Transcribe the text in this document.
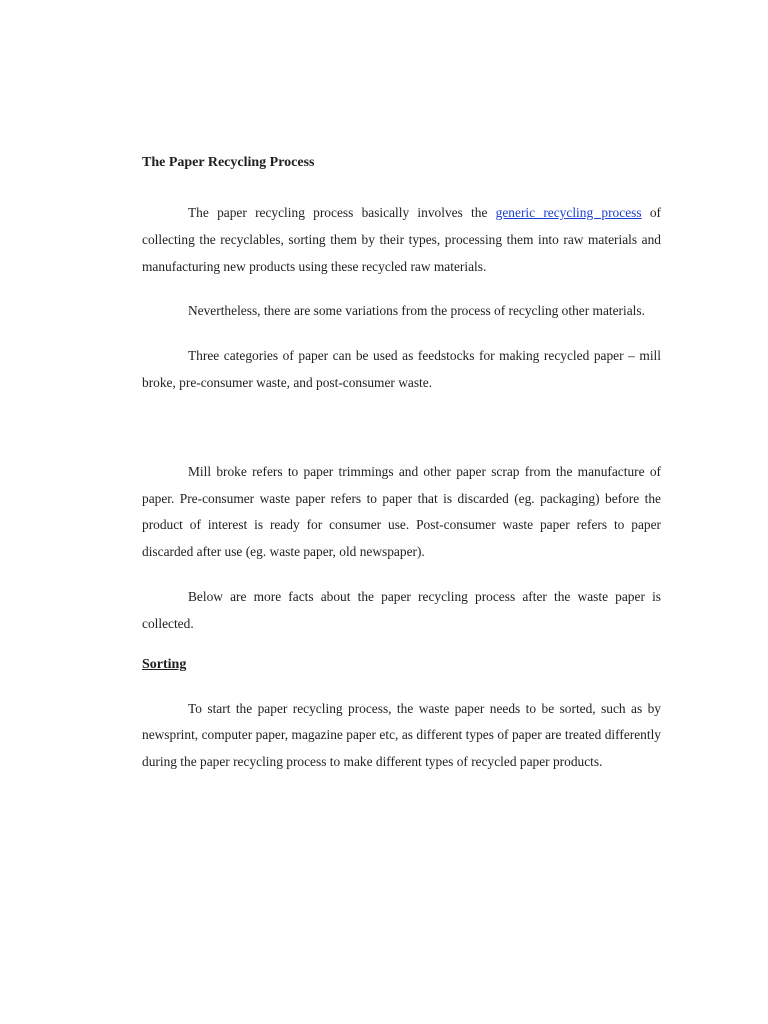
The Paper Recycling Process

The paper recycling process basically involves the generic recycling process of collecting the recyclables, sorting them by their types, processing them into raw materials and manufacturing new products using these recycled raw materials.

Nevertheless, there are some variations from the process of recycling other materials.

Three categories of paper can be used as feedstocks for making recycled paper – mill broke, pre-consumer waste, and post-consumer waste.

Mill broke refers to paper trimmings and other paper scrap from the manufacture of paper. Pre-consumer waste paper refers to paper that is discarded (eg. packaging) before the product of interest is ready for consumer use. Post-consumer waste paper refers to paper discarded after use (eg. waste paper, old newspaper).

Below are more facts about the paper recycling process after the waste paper is collected.

Sorting

To start the paper recycling process, the waste paper needs to be sorted, such as by newsprint, computer paper, magazine paper etc, as different types of paper are treated differently during the paper recycling process to make different types of recycled paper products.
